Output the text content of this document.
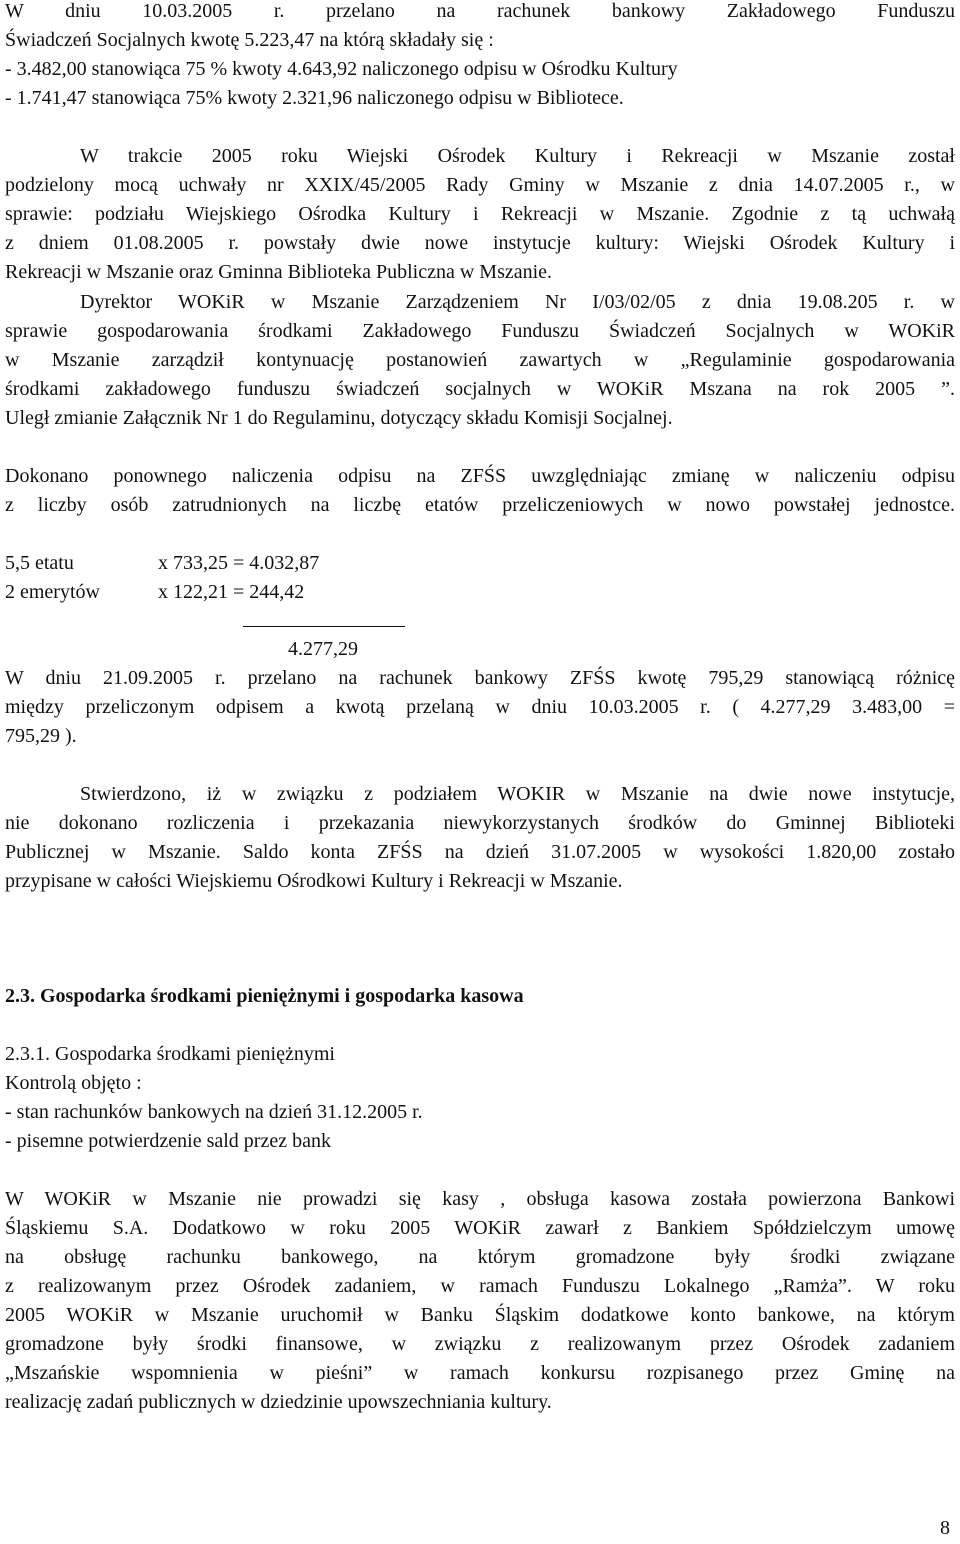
W dniu 10.03.2005 r. przelano na rachunek bankowy Zakładowego Funduszu
Świadczeń Socjalnych kwotę 5.223,47 na którą składały się :
- 3.482,00 stanowiąca 75 % kwoty 4.643,92 naliczonego odpisu w Ośrodku Kultury
- 1.741,47 stanowiąca 75% kwoty 2.321,96 naliczonego odpisu w Bibliotece.
W trakcie 2005 roku Wiejski Ośrodek Kultury i Rekreacji w Mszanie został
podzielony mocą uchwały nr XXIX/45/2005 Rady Gminy w Mszanie z dnia 14.07.2005 r., w
sprawie: podziału Wiejskiego Ośrodka Kultury i Rekreacji w Mszanie. Zgodnie z tą uchwałą
z dniem 01.08.2005 r. powstały dwie nowe instytucje kultury: Wiejski Ośrodek Kultury i
Rekreacji w Mszanie oraz Gminna Biblioteka Publiczna w Mszanie.
Dyrektor WOKiR w Mszanie Zarządzeniem Nr I/03/02/05 z dnia 19.08.205 r. w
sprawie gospodarowania środkami Zakładowego Funduszu Świadczeń Socjalnych w WOKiR
w Mszanie zarządził kontynuację postanowień zawartych w „Regulaminie gospodarowania
środkami zakładowego funduszu świadczeń socjalnych w WOKiR Mszana na rok 2005 ”.
Uległ zmianie Załącznik Nr 1 do Regulaminu, dotyczący składu Komisji Socjalnej.
Dokonano ponownego naliczenia odpisu na ZFŚS uwzględniając zmianę w naliczeniu odpisu
z liczby osób zatrudnionych na liczbę etatów przeliczeniowych w nowo powstałej jednostce.
5,5 etatu	x 733,25 = 4.032,87
2 emerytów	x 122,21 = 244,42
4.277,29
W dniu 21.09.2005 r. przelano na rachunek bankowy ZFŚS kwotę 795,29 stanowiącą różnicę
między przeliczonym odpisem a kwotą przelaną w dniu 10.03.2005 r. ( 4.277,29 3.483,00 =
795,29 ).
Stwierdzono, iż w związku z podziałem WOKIR w Mszanie na dwie nowe instytucje,
nie dokonano rozliczenia i przekazania niewykorzystanych środków do Gminnej Biblioteki
Publicznej w Mszanie. Saldo konta ZFŚS na dzień 31.07.2005 w wysokości 1.820,00 zostało
przypisane w całości Wiejskiemu Ośrodkowi Kultury i Rekreacji w Mszanie.
2.3. Gospodarka środkami pieniężnymi i gospodarka kasowa
2.3.1. Gospodarka środkami pieniężnymi
Kontrolą objęto :
- stan rachunków bankowych na dzień 31.12.2005 r.
- pisemne potwierdzenie sald przez bank
W WOKiR w Mszanie nie prowadzi się kasy , obsługa kasowa została powierzona Bankowi
Śląskiemu S.A. Dodatkowo w roku 2005 WOKiR zawarł z Bankiem Spółdzielczym umowę
na obsługę rachunku bankowego, na którym gromadzone były środki związane
z realizowanym przez Ośrodek zadaniem, w ramach Funduszu Lokalnego „Ramża”. W roku
2005 WOKiR w Mszanie uruchomił w Banku Śląskim dodatkowe konto bankowe, na którym
gromadzone były środki finansowe, w związku z realizowanym przez Ośrodek zadaniem
„Mszańskie wspomnienia w pieśni” w ramach konkursu rozpisanego przez Gminę na
realizację zadań publicznych w dziedzinie upowszechniania kultury.
8
